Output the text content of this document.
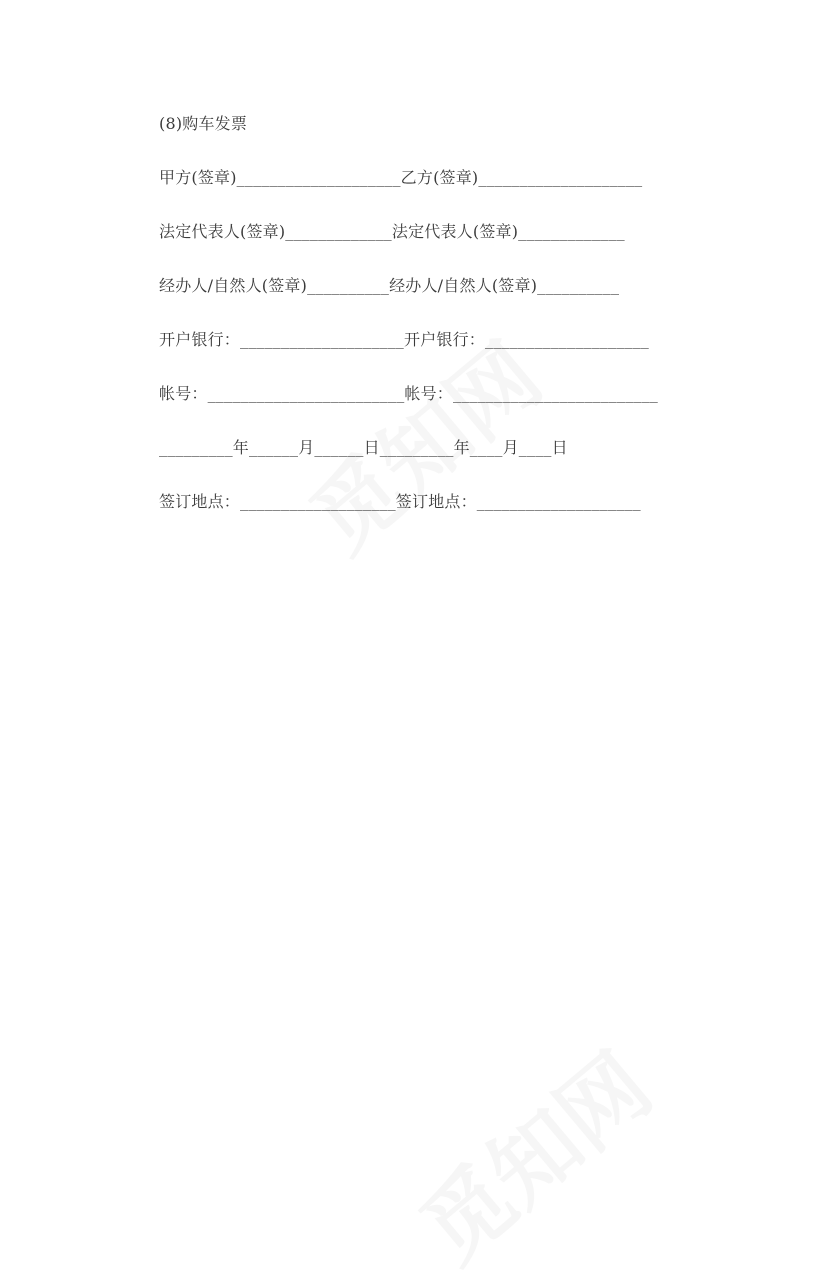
(8)购车发票
甲方(签章)____________________乙方(签章)____________________
法定代表人(签章)_____________法定代表人(签章)_____________
经办人/自然人(签章)__________经办人/自然人(签章)__________
开户银行：____________________开户银行：____________________
帐号：________________________帐号：_________________________
_________年______月______日_________年____月____日
签订地点：___________________签订地点：____________________
